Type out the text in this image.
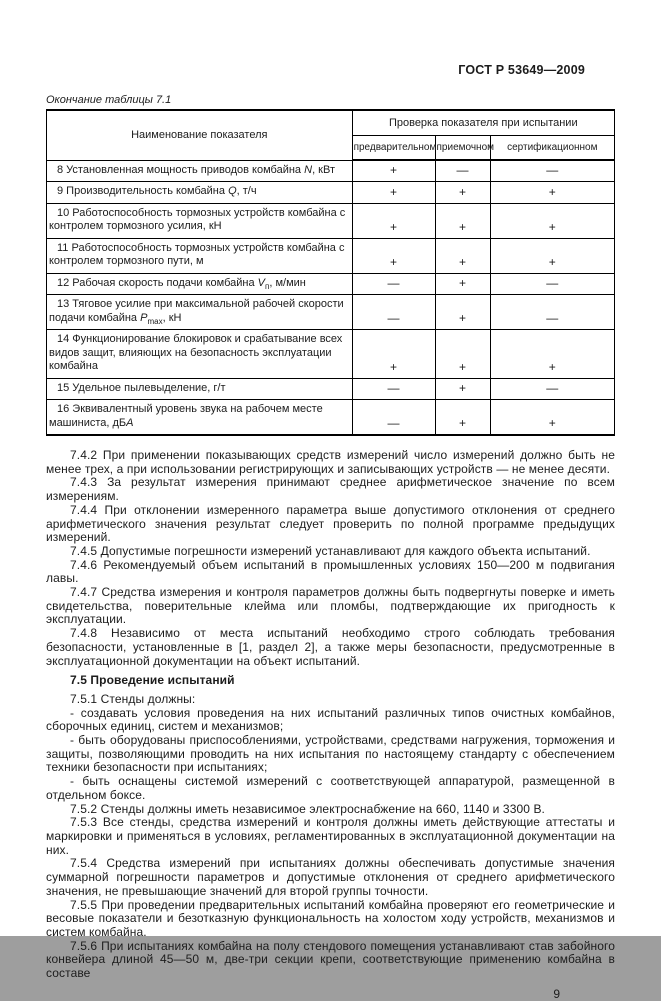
ГОСТ Р 53649—2009
Окончание таблицы 7.1
Наименование показателя	Проверка показателя при испытании		
	предварительном	приемочном	сертификационном
8 Установленная мощность приводов комбайна N, кВт	+	—	—
9 Производительность комбайна Q, т/ч	+	+	+
10 Работоспособность тормозных устройств комбайна с контролем тормозного усилия, кН	+	+	+
11 Работоспособность тормозных устройств комбайна с контролем тормозного пути, м	+	+	+
12 Рабочая скорость подачи комбайна $V_п$, м/мин	—	+	—
13 Тяговое усилие при максимальной рабочей скорости подачи комбайна $P_{max}$, кН	—	+	—
14 Функционирование блокировок и срабатывание всех видов защит, влияющих на безопасность эксплуатации комбайна	+	+	+
15 Удельное пылевыделение, г/т	—	+	—
16 Эквивалентный уровень звука на рабочем месте машиниста, дБА	—	+	+

7.4.2 При применении показывающих средств измерений число измерений должно быть не менее трех, а при использовании регистрирующих и записывающих устройств — не менее десяти.

7.4.3 За результат измерения принимают среднее арифметическое значение по всем измерениям.

7.4.4 При отклонении измеренного параметра выше допустимого отклонения от среднего арифметического значения результат следует проверить по полной программе предыдущих измерений.

7.4.5 Допустимые погрешности измерений устанавливают для каждого объекта испытаний.

7.4.6 Рекомендуемый объем испытаний в промышленных условиях 150—200 м подвигания лавы.

7.4.7 Средства измерения и контроля параметров должны быть подвергнуты поверке и иметь свидетельства, поверительные клейма или пломбы, подтверждающие их пригодность к эксплуатации.

7.4.8 Независимо от места испытаний необходимо строго соблюдать требования безопасности, установленные в [1, раздел 2], а также меры безопасности, предусмотренные в эксплуатационной документации на объект испытаний.

7.5 Проведение испытаний

7.5.1 Стенды должны:

- создавать условия проведения на них испытаний различных типов очистных комбайнов, сборочных единиц, систем и механизмов;

- быть оборудованы приспособлениями, устройствами, средствами нагружения, торможения и защиты, позволяющими проводить на них испытания по настоящему стандарту с обеспечением техники безопасности при испытаниях;

- быть оснащены системой измерений с соответствующей аппаратурой, размещенной в отдельном боксе.

7.5.2 Стенды должны иметь независимое электроснабжение на 660, 1140 и 3300 В.

7.5.3 Все стенды, средства измерений и контроля должны иметь действующие аттестаты и маркировки и применяться в условиях, регламентированных в эксплуатационной документации на них.

7.5.4 Средства измерений при испытаниях должны обеспечивать допустимые значения суммарной погрешности параметров и допустимые отклонения от среднего арифметического значения, не превышающие значений для второй группы точности.

7.5.5 При проведении предварительных испытаний комбайна проверяют его геометрические и весовые показатели и безотказную функциональность на холостом ходу устройств, механизмов и систем комбайна.

7.5.6 При испытаниях комбайна на полу стендового помещения устанавливают став забойного конвейера длиной 45—50 м, две-три секции крепи, соответствующие применению комбайна в составе

9
